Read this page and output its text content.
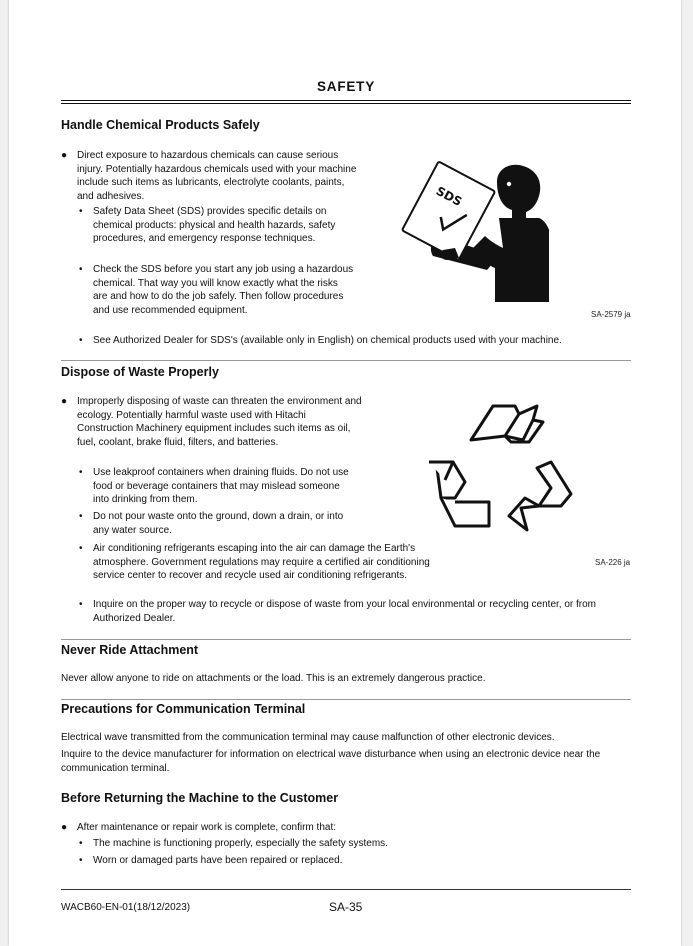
SAFETY
Handle Chemical Products Safely
● Direct exposure to hazardous chemicals can cause serious injury. Potentially hazardous chemicals used with your machine include such items as lubricants, electrolyte coolants, paints, and adhesives.
• Safety Data Sheet (SDS) provides specific details on chemical products: physical and health hazards, safety procedures, and emergency response techniques.
• Check the SDS before you start any job using a hazardous chemical. That way you will know exactly what the risks are and how to do the job safely. Then follow procedures and use recommended equipment.
• See Authorized Dealer for SDS's (available only in English) on chemical products used with your machine.
SDS
SA-2579 ja
Dispose of Waste Properly
● Improperly disposing of waste can threaten the environment and ecology. Potentially harmful waste used with Hitachi Construction Machinery equipment includes such items as oil, fuel, coolant, brake fluid, filters, and batteries.
• Use leakproof containers when draining fluids. Do not use food or beverage containers that may mislead someone into drinking from them.
• Do not pour waste onto the ground, down a drain, or into any water source.
• Air conditioning refrigerants escaping into the air can damage the Earth's atmosphere. Government regulations may require a certified air conditioning service center to recover and recycle used air conditioning refrigerants.
• Inquire on the proper way to recycle or dispose of waste from your local environmental or recycling center, or from Authorized Dealer.
SA-226 ja
Never Ride Attachment
Never allow anyone to ride on attachments or the load. This is an extremely dangerous practice.
Precautions for Communication Terminal
Electrical wave transmitted from the communication terminal may cause malfunction of other electronic devices.
Inquire to the device manufacturer for information on electrical wave disturbance when using an electronic device near the communication terminal.
Before Returning the Machine to the Customer
● After maintenance or repair work is complete, confirm that:
• The machine is functioning properly, especially the safety systems.
• Worn or damaged parts have been repaired or replaced.
WACB60-EN-01(18/12/2023)	SA-35
